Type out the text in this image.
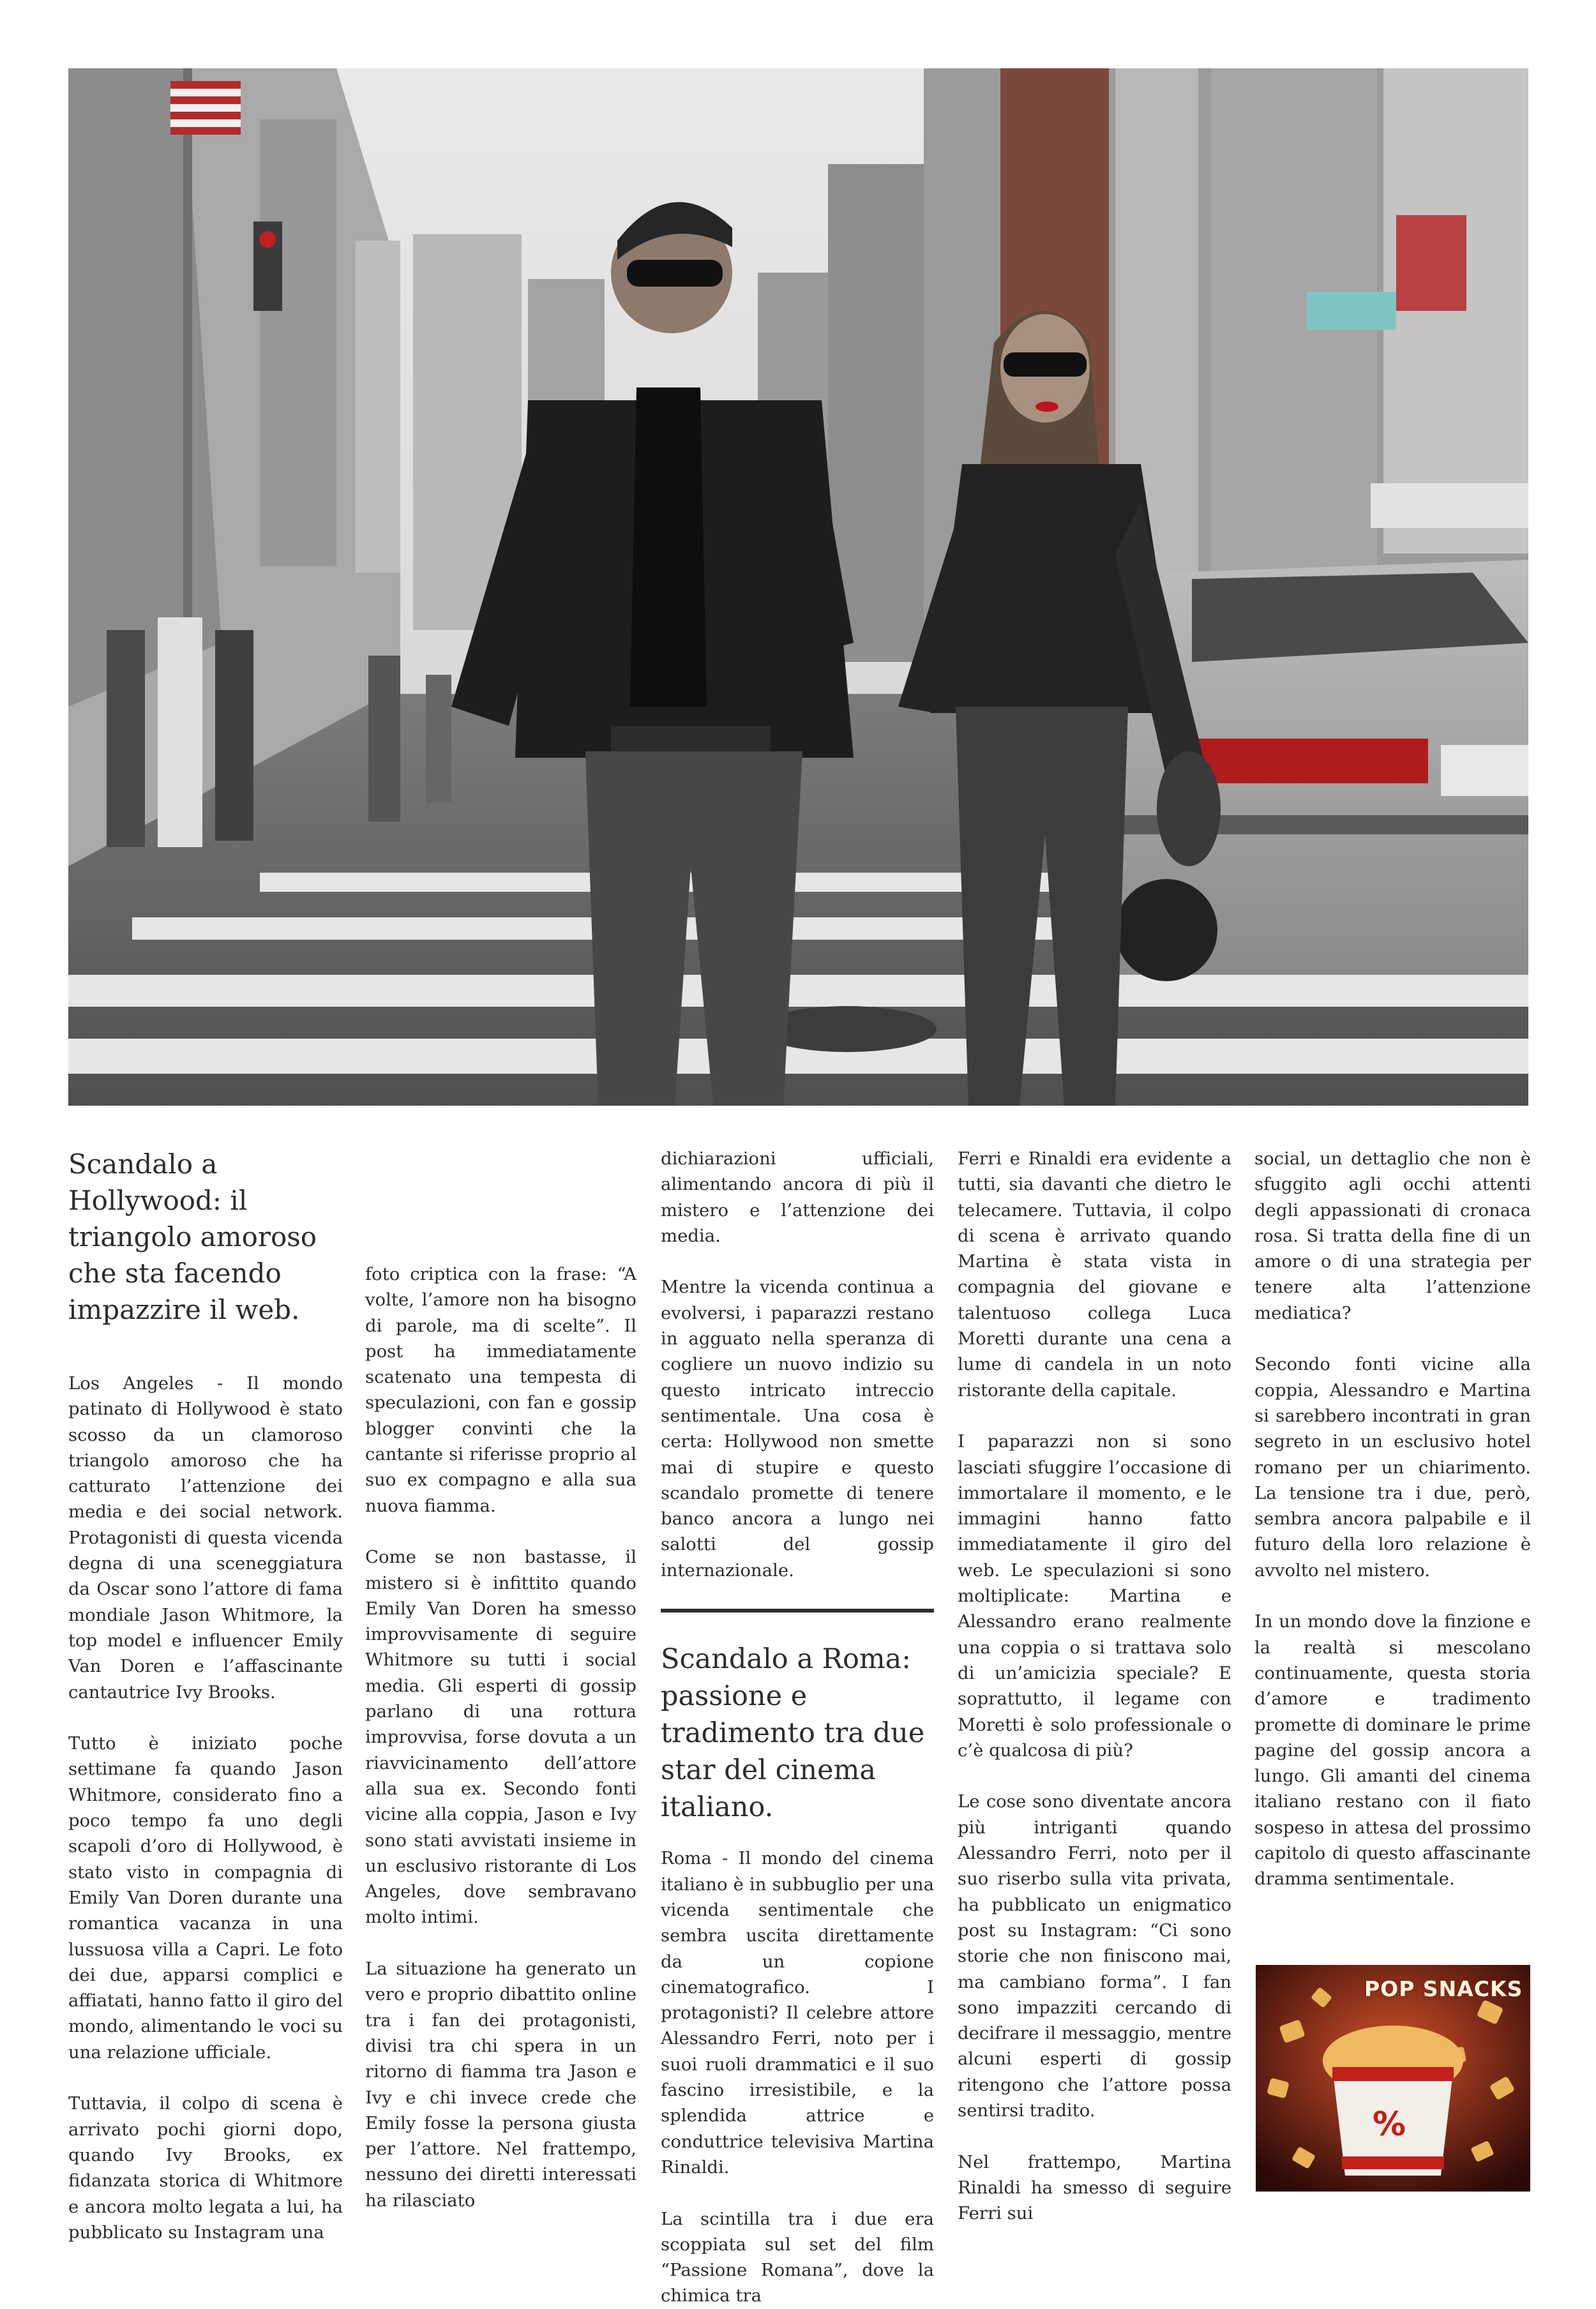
Scandalo a Hollywood: il triangolo amoroso che sta facendo impazzire il web.

Los Angeles - Il mondo patinato di Hollywood è stato scosso da un clamoroso triangolo amoroso che ha catturato l’attenzione dei media e dei social network. Protagonisti di questa vicenda degna di una sceneggiatura da Oscar sono l’attore di fama mondiale Jason Whitmore, la top model e influencer Emily Van Doren e l’affascinante cantautrice Ivy Brooks.

Tutto è iniziato poche settimane fa quando Jason Whitmore, considerato fino a poco tempo fa uno degli scapoli d’oro di Hollywood, è stato visto in compagnia di Emily Van Doren durante una romantica vacanza in una lussuosa villa a Capri. Le foto dei due, apparsi complici e affiatati, hanno fatto il giro del mondo, alimentando le voci su una relazione ufficiale.

Tuttavia, il colpo di scena è arrivato pochi giorni dopo, quando Ivy Brooks, ex fidanzata storica di Whitmore e ancora molto legata a lui, ha pubblicato su Instagram una

foto criptica con la frase: “A volte, l’amore non ha bisogno di parole, ma di scelte”. Il post ha immediatamente scatenato una tempesta di speculazioni, con fan e gossip blogger convinti che la cantante si riferisse proprio al suo ex compagno e alla sua nuova fiamma.

Come se non bastasse, il mistero si è infittito quando Emily Van Doren ha smesso improvvisamente di seguire Whitmore su tutti i social media. Gli esperti di gossip parlano di una rottura improvvisa, forse dovuta a un riavvicinamento dell’attore alla sua ex. Secondo fonti vicine alla coppia, Jason e Ivy sono stati avvistati insieme in un esclusivo ristorante di Los Angeles, dove sembravano molto intimi.

La situazione ha generato un vero e proprio dibattito online tra i fan dei protagonisti, divisi tra chi spera in un ritorno di fiamma tra Jason e Ivy e chi invece crede che Emily fosse la persona giusta per l’attore. Nel frattempo, nessuno dei diretti interessati ha rilasciato

dichiarazioni ufficiali, alimentando ancora di più il mistero e l’attenzione dei media.

Mentre la vicenda continua a evolversi, i paparazzi restano in agguato nella speranza di cogliere un nuovo indizio su questo intricato intreccio sentimentale. Una cosa è certa: Hollywood non smette mai di stupire e questo scandalo promette di tenere banco ancora a lungo nei salotti del gossip internazionale.

Scandalo a Roma: passione e tradimento tra due star del cinema italiano.

Roma - Il mondo del cinema italiano è in subbuglio per una vicenda sentimentale che sembra uscita direttamente da un copione cinematografico. I protagonisti? Il celebre attore Alessandro Ferri, noto per i suoi ruoli drammatici e il suo fascino irresistibile, e la splendida attrice e conduttrice televisiva Martina Rinaldi.

La scintilla tra i due era scoppiata sul set del film “Passione Romana”, dove la chimica tra

Ferri e Rinaldi era evidente a tutti, sia davanti che dietro le telecamere. Tuttavia, il colpo di scena è arrivato quando Martina è stata vista in compagnia del giovane e talentuoso collega Luca Moretti durante una cena a lume di candela in un noto ristorante della capitale.

I paparazzi non si sono lasciati sfuggire l’occasione di immortalare il momento, e le immagini hanno fatto immediatamente il giro del web. Le speculazioni si sono moltiplicate: Martina e Alessandro erano realmente una coppia o si trattava solo di un’amicizia speciale? E soprattutto, il legame con Moretti è solo professionale o c’è qualcosa di più?

Le cose sono diventate ancora più intriganti quando Alessandro Ferri, noto per il suo riserbo sulla vita privata, ha pubblicato un enigmatico post su Instagram: “Ci sono storie che non finiscono mai, ma cambiano forma”. I fan sono impazziti cercando di decifrare il messaggio, mentre alcuni esperti di gossip ritengono che l’attore possa sentirsi tradito.

Nel frattempo, Martina Rinaldi ha smesso di seguire Ferri sui

social, un dettaglio che non è sfuggito agli occhi attenti degli appassionati di cronaca rosa. Si tratta della fine di un amore o di una strategia per tenere alta l’attenzione mediatica?

Secondo fonti vicine alla coppia, Alessandro e Martina si sarebbero incontrati in gran segreto in un esclusivo hotel romano per un chiarimento. La tensione tra i due, però, sembra ancora palpabile e il futuro della loro relazione è avvolto nel mistero.

In un mondo dove la finzione e la realtà si mescolano continuamente, questa storia d’amore e tradimento promette di dominare le prime pagine del gossip ancora a lungo. Gli amanti del cinema italiano restano con il fiato sospeso in attesa del prossimo capitolo di questo affascinante dramma sentimentale.

POP SNACKS
%
